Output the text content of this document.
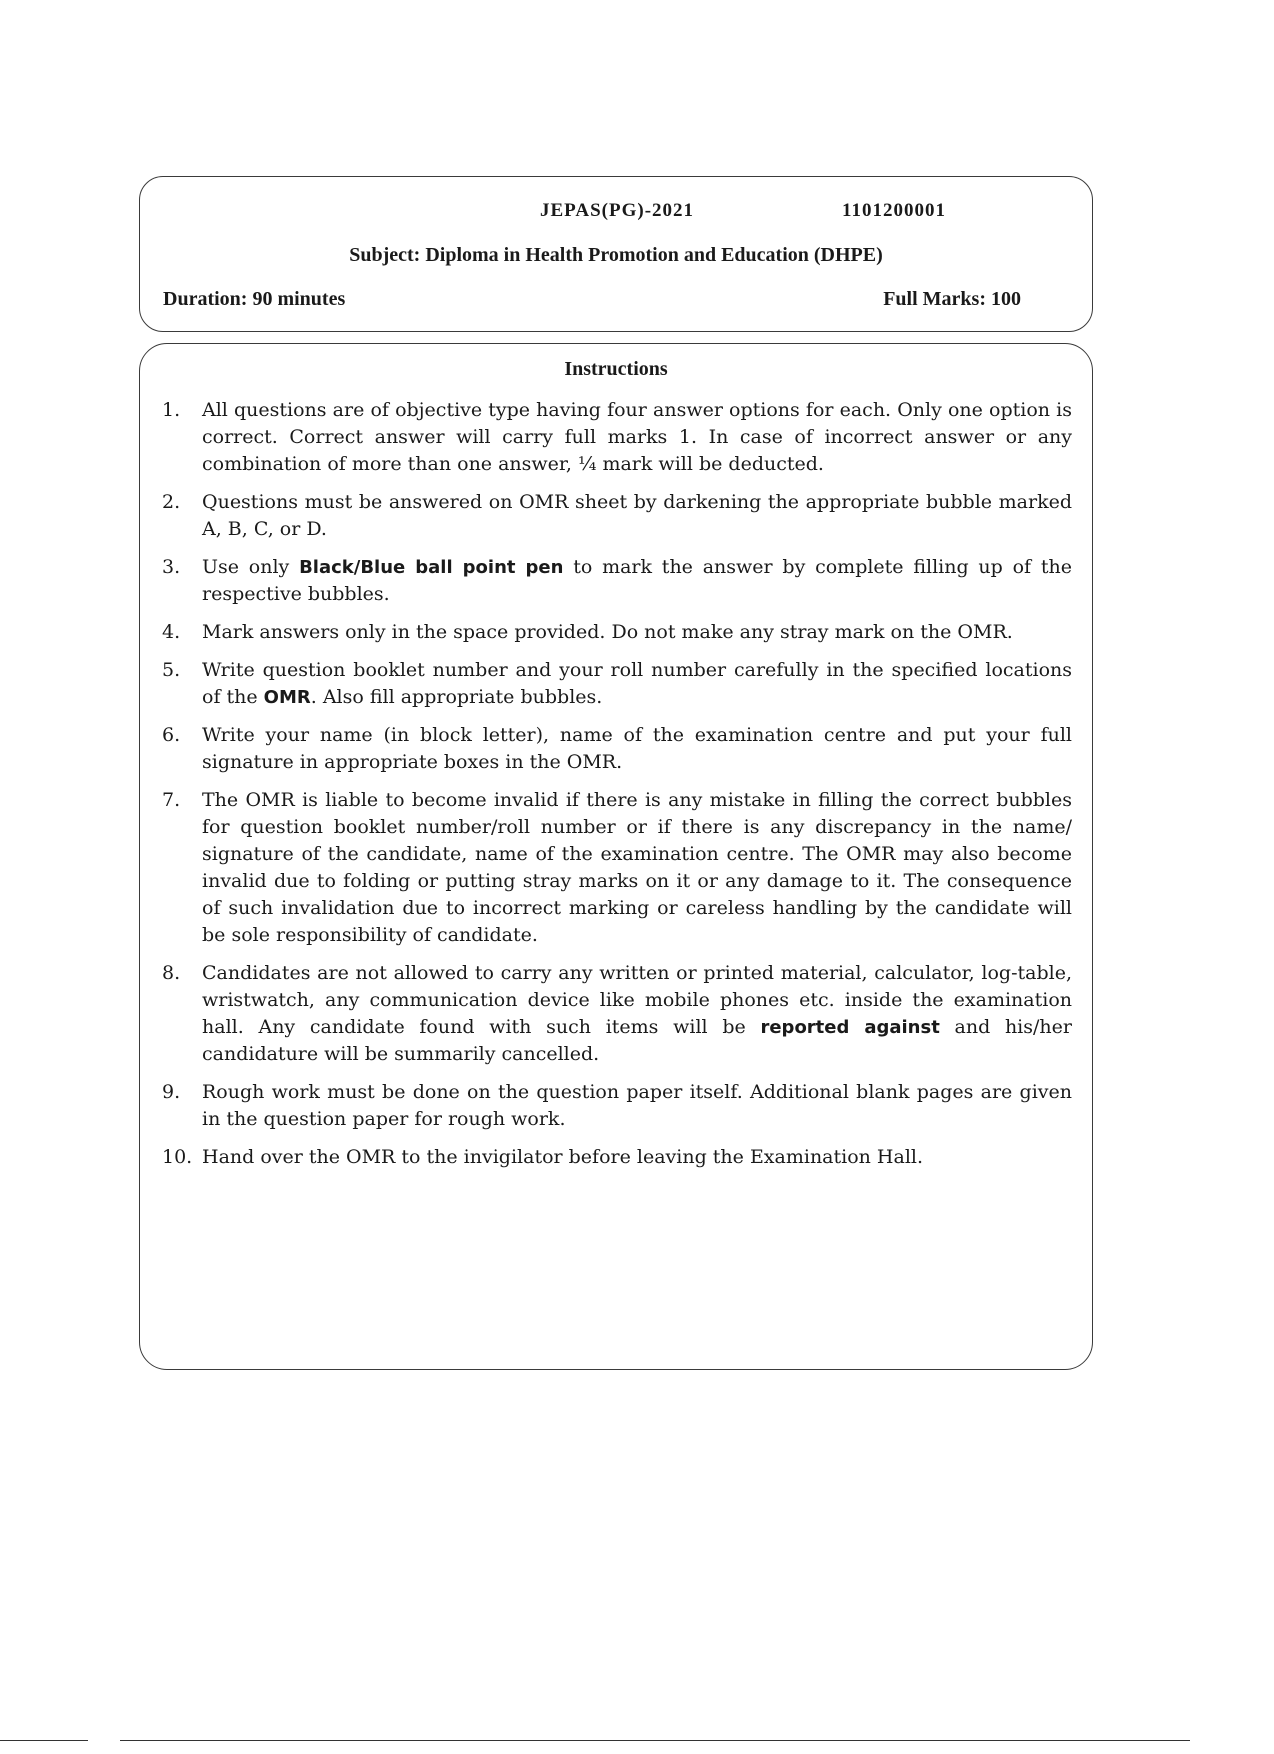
JEPAS(PG)-2021	1101200001
Subject: Diploma in Health Promotion and Education (DHPE)
Duration: 90 minutes	Full Marks: 100
Instructions
1. All questions are of objective type having four answer options for each. Only one option is correct. Correct answer will carry full marks 1. In case of incorrect answer or any combination of more than one answer, ¼ mark will be deducted.
2. Questions must be answered on OMR sheet by darkening the appropriate bubble marked A, B, C, or D.
3. Use only Black/Blue ball point pen to mark the answer by complete filling up of the respective bubbles.
4. Mark answers only in the space provided. Do not make any stray mark on the OMR.
5. Write question booklet number and your roll number carefully in the specified locations of the OMR. Also fill appropriate bubbles.
6. Write your name (in block letter), name of the examination centre and put your full signature in appropriate boxes in the OMR.
7. The OMR is liable to become invalid if there is any mistake in filling the correct bubbles for question booklet number/roll number or if there is any discrepancy in the name/ signature of the candidate, name of the examination centre. The OMR may also become invalid due to folding or putting stray marks on it or any damage to it. The consequence of such invalidation due to incorrect marking or careless handling by the candidate will be sole responsibility of candidate.
8. Candidates are not allowed to carry any written or printed material, calculator, log-table, wristwatch, any communication device like mobile phones etc. inside the examination hall. Any candidate found with such items will be reported against and his/her candidature will be summarily cancelled.
9. Rough work must be done on the question paper itself. Additional blank pages are given in the question paper for rough work.
10. Hand over the OMR to the invigilator before leaving the Examination Hall.
